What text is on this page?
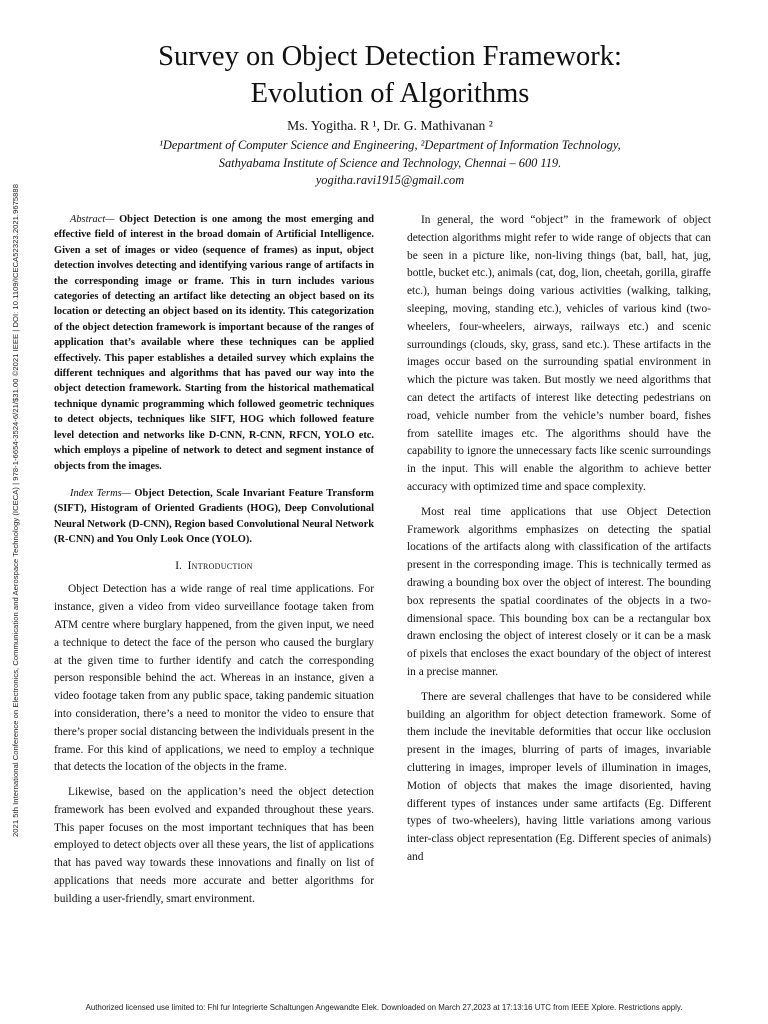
2021 5th International Conference on Electronics, Communication and Aerospace Technology (ICECA) | 978-1-6654-3524-6/21/$31.00 ©2021 IEEE | DOI: 10.1109/ICECA52323.2021.9675888
Survey on Object Detection Framework:
Evolution of Algorithms
Ms. Yogitha. R ¹, Dr. G. Mathivanan ²
¹Department of Computer Science and Engineering, ²Department of Information Technology,
Sathyabama Institute of Science and Technology, Chennai – 600 119.
yogitha.ravi1915@gmail.com

Abstract— Object Detection is one among the most emerging and effective field of interest in the broad domain of Artificial Intelligence. Given a set of images or video (sequence of frames) as input, object detection involves detecting and identifying various range of artifacts in the corresponding image or frame. This in turn includes various categories of detecting an artifact like detecting an object based on its location or detecting an object based on its identity. This categorization of the object detection framework is important because of the ranges of application that’s available where these techniques can be applied effectively. This paper establishes a detailed survey which explains the different techniques and algorithms that has paved our way into the object detection framework. Starting from the historical mathematical technique dynamic programming which followed geometric techniques to detect objects, techniques like SIFT, HOG which followed feature level detection and networks like D-CNN, R-CNN, RFCN, YOLO etc. which employs a pipeline of network to detect and segment instance of objects from the images.

Index Terms— Object Detection, Scale Invariant Feature Transform (SIFT), Histogram of Oriented Gradients (HOG), Deep Convolutional Neural Network (D-CNN), Region based Convolutional Neural Network (R-CNN) and You Only Look Once (YOLO).

I. Introduction

Object Detection has a wide range of real time applications. For instance, given a video from video surveillance footage taken from ATM centre where burglary happened, from the given input, we need a technique to detect the face of the person who caused the burglary at the given time to further identify and catch the corresponding person responsible behind the act. Whereas in an instance, given a video footage taken from any public space, taking pandemic situation into consideration, there’s a need to monitor the video to ensure that there’s proper social distancing between the individuals present in the frame. For this kind of applications, we need to employ a technique that detects the location of the objects in the frame.

Likewise, based on the application’s need the object detection framework has been evolved and expanded throughout these years. This paper focuses on the most important techniques that has been employed to detect objects over all these years, the list of applications that has paved way towards these innovations and finally on list of applications that needs more accurate and better algorithms for building a user-friendly, smart environment.

In general, the word “object” in the framework of object detection algorithms might refer to wide range of objects that can be seen in a picture like, non-living things (bat, ball, hat, jug, bottle, bucket etc.), animals (cat, dog, lion, cheetah, gorilla, giraffe etc.), human beings doing various activities (walking, talking, sleeping, moving, standing etc.), vehicles of various kind (two-wheelers, four-wheelers, airways, railways etc.) and scenic surroundings (clouds, sky, grass, sand etc.). These artifacts in the images occur based on the surrounding spatial environment in which the picture was taken. But mostly we need algorithms that can detect the artifacts of interest like detecting pedestrians on road, vehicle number from the vehicle’s number board, fishes from satellite images etc. The algorithms should have the capability to ignore the unnecessary facts like scenic surroundings in the input. This will enable the algorithm to achieve better accuracy with optimized time and space complexity.

Most real time applications that use Object Detection Framework algorithms emphasizes on detecting the spatial locations of the artifacts along with classification of the artifacts present in the corresponding image. This is technically termed as drawing a bounding box over the object of interest. The bounding box represents the spatial coordinates of the objects in a two-dimensional space. This bounding box can be a rectangular box drawn enclosing the object of interest closely or it can be a mask of pixels that encloses the exact boundary of the object of interest in a precise manner.

There are several challenges that have to be considered while building an algorithm for object detection framework. Some of them include the inevitable deformities that occur like occlusion present in the images, blurring of parts of images, invariable cluttering in images, improper levels of illumination in images, Motion of objects that makes the image disoriented, having different types of instances under same artifacts (Eg. Different types of two-wheelers), having little variations among various inter-class object representation (Eg. Different species of animals) and

Authorized licensed use limited to: Fhl fur Integrierte Schaltungen Angewandte Elek. Downloaded on March 27,2023 at 17:13:16 UTC from IEEE Xplore. Restrictions apply.
